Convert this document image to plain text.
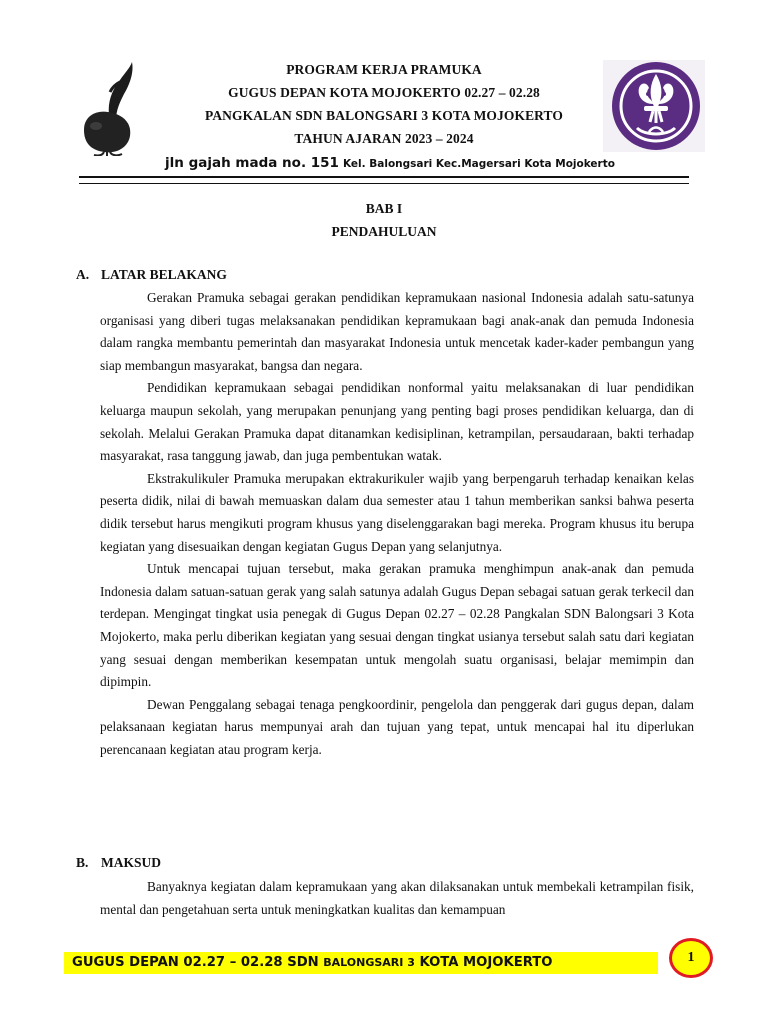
PROGRAM KERJA PRAMUKA
GUGUS DEPAN KOTA MOJOKERTO 02.27 – 02.28
PANGKALAN SDN BALONGSARI 3 KOTA MOJOKERTO
TAHUN AJARAN 2023 – 2024
jln gajah mada no. 151 Kel. Balongsari Kec.Magersari Kota Mojokerto
BAB I
PENDAHULUAN
A. LATAR BELAKANG

Gerakan Pramuka sebagai gerakan pendidikan kepramukaan nasional Indonesia adalah satu-satunya organisasi yang diberi tugas melaksanakan pendidikan kepramukaan bagi anak-anak dan pemuda Indonesia dalam rangka membantu pemerintah dan masyarakat Indonesia untuk mencetak kader-kader pembangun yang siap membangun masyarakat, bangsa dan negara.

Pendidikan kepramukaan sebagai pendidikan nonformal yaitu melaksanakan di luar pendidikan keluarga maupun sekolah, yang merupakan penunjang yang penting bagi proses pendidikan keluarga, dan di sekolah. Melalui Gerakan Pramuka dapat ditanamkan kedisiplinan, ketrampilan, persaudaraan, bakti terhadap masyarakat, rasa tanggung jawab, dan juga pembentukan watak.

Ekstrakulikuler Pramuka merupakan ektrakurikuler wajib yang berpengaruh terhadap kenaikan kelas peserta didik, nilai di bawah memuaskan dalam dua semester atau 1 tahun memberikan sanksi bahwa peserta didik tersebut harus mengikuti program khusus yang diselenggarakan bagi mereka. Program khusus itu berupa kegiatan yang disesuaikan dengan kegiatan Gugus Depan yang selanjutnya.

Untuk mencapai tujuan tersebut, maka gerakan pramuka menghimpun anak-anak dan pemuda Indonesia dalam satuan-satuan gerak yang salah satunya adalah Gugus Depan sebagai satuan gerak terkecil dan terdepan. Mengingat tingkat usia penegak di Gugus Depan 02.27 – 02.28 Pangkalan SDN Balongsari 3 Kota Mojokerto, maka perlu diberikan kegiatan yang sesuai dengan tingkat usianya tersebut salah satu dari kegiatan yang sesuai dengan memberikan kesempatan untuk mengolah suatu organisasi, belajar memimpin dan dipimpin.

Dewan Penggalang sebagai tenaga pengkoordinir, pengelola dan penggerak dari gugus depan, dalam pelaksanaan kegiatan harus mempunyai arah dan tujuan yang tepat, untuk mencapai hal itu diperlukan perencanaan kegiatan atau program kerja.

B. MAKSUD

Banyaknya kegiatan dalam kepramukaan yang akan dilaksanakan untuk membekali ketrampilan fisik, mental dan pengetahuan serta untuk meningkatkan kualitas dan kemampuan

GUGUS DEPAN 02.27 – 02.28 SDN BALONGSARI 3 KOTA MOJOKERTO	1
